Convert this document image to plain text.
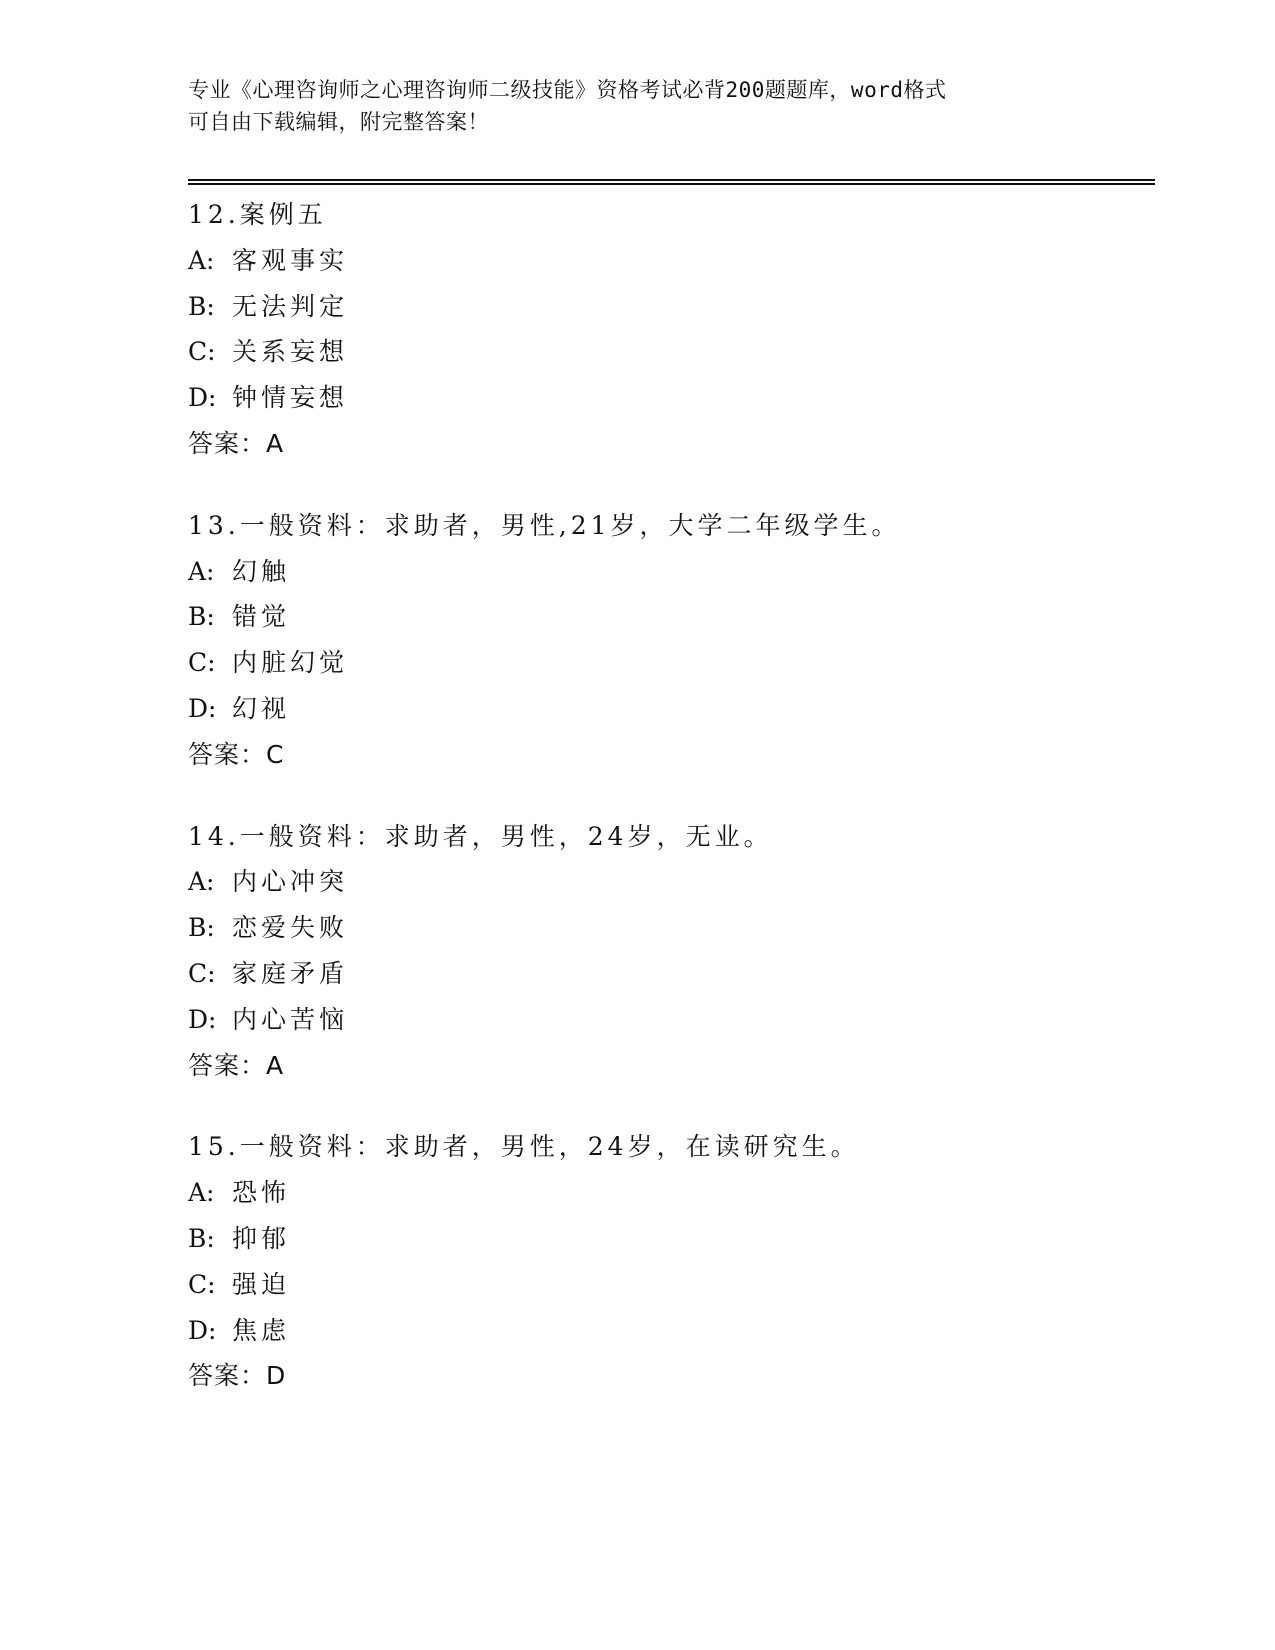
专业《心理咨询师之心理咨询师二级技能》资格考试必背200题题库，word格式
可自由下载编辑，附完整答案！
12.案例五
A: 客观事实
B: 无法判定
C: 关系妄想
D: 钟情妄想
答案：A
13.一般资料：求助者，男性,21岁，大学二年级学生。
A: 幻触
B: 错觉
C: 内脏幻觉
D: 幻视
答案：C
14.一般资料：求助者，男性，24岁，无业。
A: 内心冲突
B: 恋爱失败
C: 家庭矛盾
D: 内心苦恼
答案：A
15.一般资料：求助者，男性，24岁，在读研究生。
A: 恐怖
B: 抑郁
C: 强迫
D: 焦虑
答案：D
